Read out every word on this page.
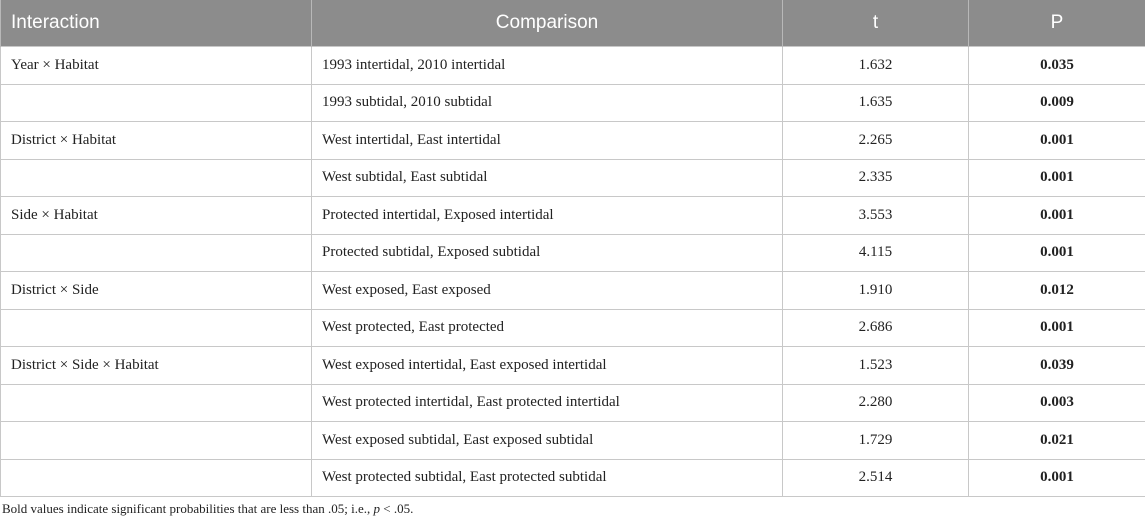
Interaction	Comparison	t	P
Year × Habitat	1993 intertidal, 2010 intertidal	1.632	0.035
	1993 subtidal, 2010 subtidal	1.635	0.009
District × Habitat	West intertidal, East intertidal	2.265	0.001
	West subtidal, East subtidal	2.335	0.001
Side × Habitat	Protected intertidal, Exposed intertidal	3.553	0.001
	Protected subtidal, Exposed subtidal	4.115	0.001
District × Side	West exposed, East exposed	1.910	0.012
	West protected, East protected	2.686	0.001
District × Side × Habitat	West exposed intertidal, East exposed intertidal	1.523	0.039
	West protected intertidal, East protected intertidal	2.280	0.003
	West exposed subtidal, East exposed subtidal	1.729	0.021
	West protected subtidal, East protected subtidal	2.514	0.001
Bold values indicate significant probabilities that are less than .05; i.e., p < .05.
